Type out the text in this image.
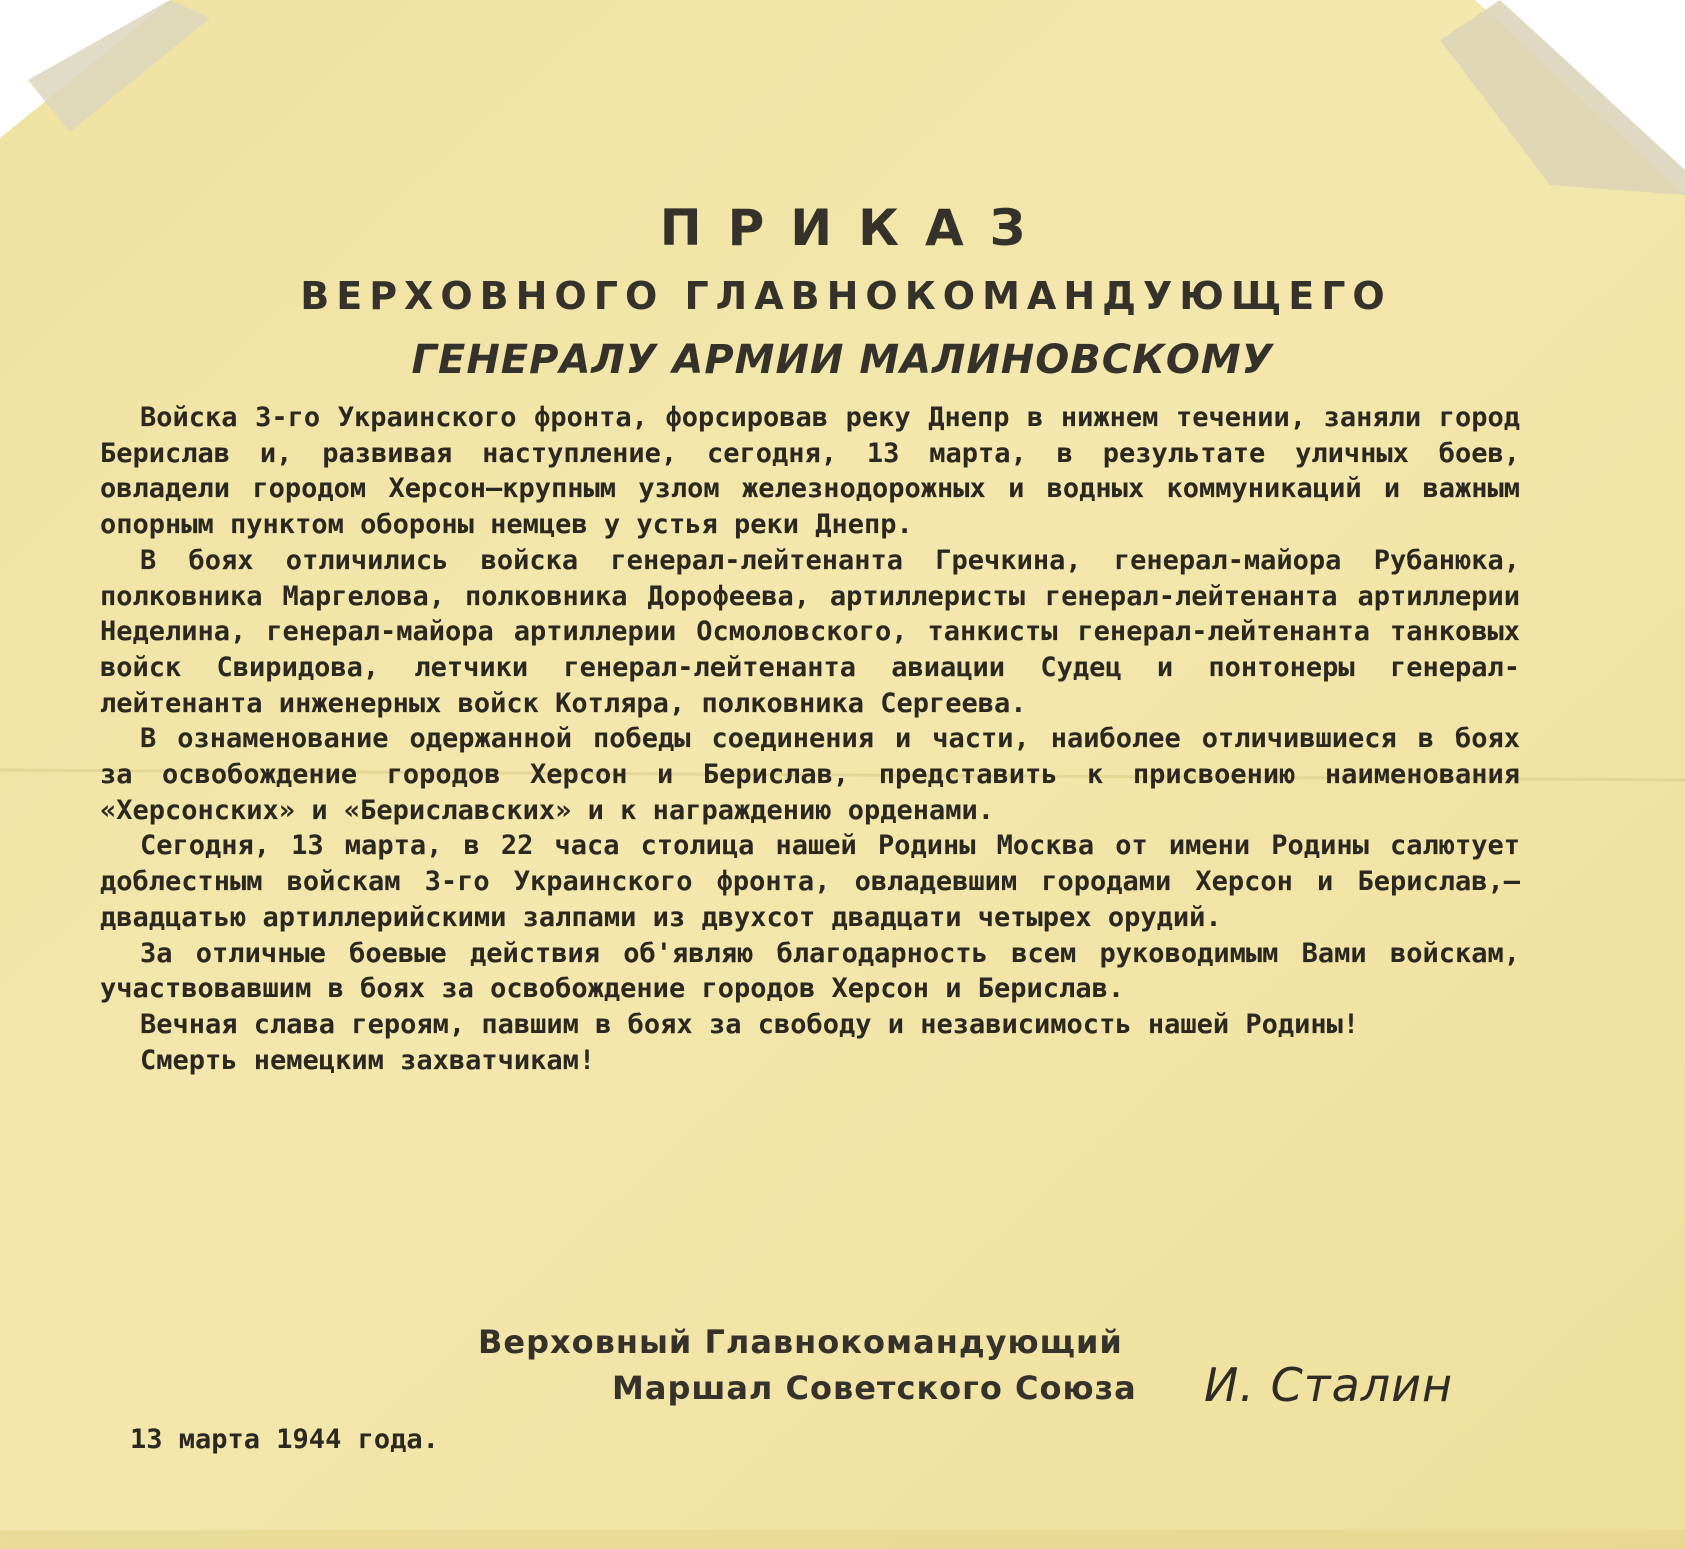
ПРИКАЗ
ВЕРХОВНОГО ГЛАВНОКОМАНДУЮЩЕГО
ГЕНЕРАЛУ АРМИИ МАЛИНОВСКОМУ

Войска 3-го Украинского фронта, форсировав реку Днепр в нижнем течении, заняли город Берислав и, развивая наступление, сегодня, 13 марта, в результате уличных боев, овладели городом Херсон—крупным узлом железнодорожных и водных коммуникаций и важным опорным пунктом обороны немцев у устья реки Днепр.

В боях отличились войска генерал-лейтенанта Гречкина, генерал-майора Рубанюка, полковника Маргелова, полковника Дорофеева, артиллеристы генерал-лейтенанта артиллерии Неделина, генерал-майора артиллерии Осмоловского, танкисты генерал-лейтенанта танковых войск Свиридова, летчики генерал-лейтенанта авиации Судец и понтонеры генерал-лейтенанта инженерных войск Котляра, полковника Сергеева.

В ознаменование одержанной победы соединения и части, наиболее отличившиеся в боях за освобождение городов Херсон и Берислав, представить к присвоению наименования «Херсонских» и «Бериславских» и к награждению орденами.

Сегодня, 13 марта, в 22 часа столица нашей Родины Москва от имени Родины салютует доблестным войскам 3-го Украинского фронта, овладевшим городами Херсон и Берислав,—двадцатью артиллерийскими залпами из двухсот двадцати четырех орудий.

За отличные боевые действия об'являю благодарность всем руководимым Вами войскам, участвовавшим в боях за освобождение городов Херсон и Берислав.

Вечная слава героям, павшим в боях за свободу и независимость нашей Родины!

Смерть немецким захватчикам!

Верховный Главнокомандующий
Маршал Советского Союза И. Сталин
13 марта 1944 года.
